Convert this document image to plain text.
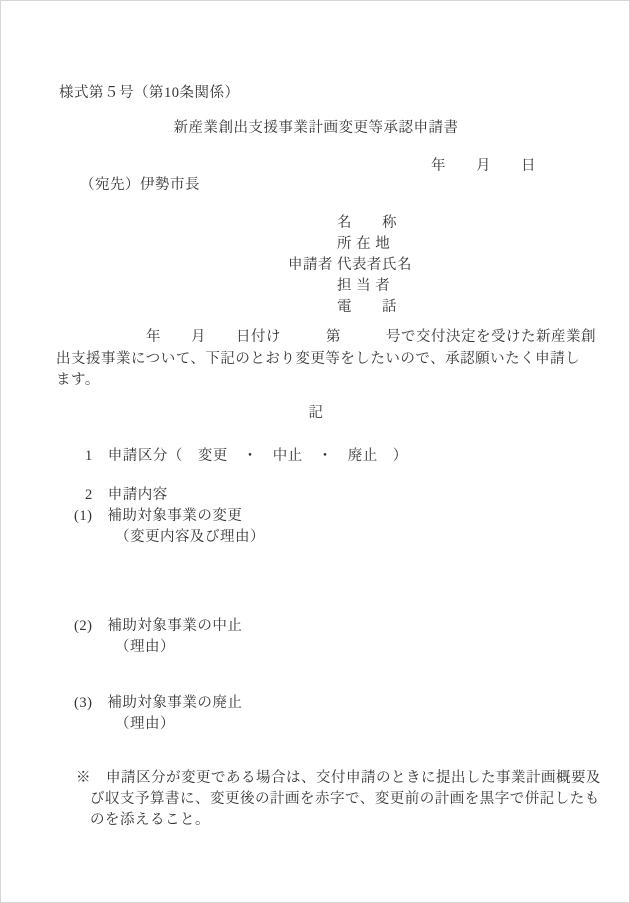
様式第５号（第10条関係）
新産業創出支援事業計画変更等承認申請書
年　　月　　日
（宛先）伊勢市長
申請者
名　　称
所 在 地
代表者氏名
担 当 者
電　　話
　　　　　　年　　月　　日付け　　　第　　　号で交付決定を受けた新産業創
出支援事業について、下記のとおり変更等をしたいので、承認願いたく申請し
ます。
記
1　申請区分（　変更　・　中止　・　廃止　）
2　申請内容
(1)　補助対象事業の変更
（変更内容及び理由）
(2)　補助対象事業の中止
（理由）
(3)　補助対象事業の廃止
（理由）
※　申請区分が変更である場合は、交付申請のときに提出した事業計画概要及
び収支予算書に、変更後の計画を赤字で、変更前の計画を黒字で併記したも
のを添えること。
